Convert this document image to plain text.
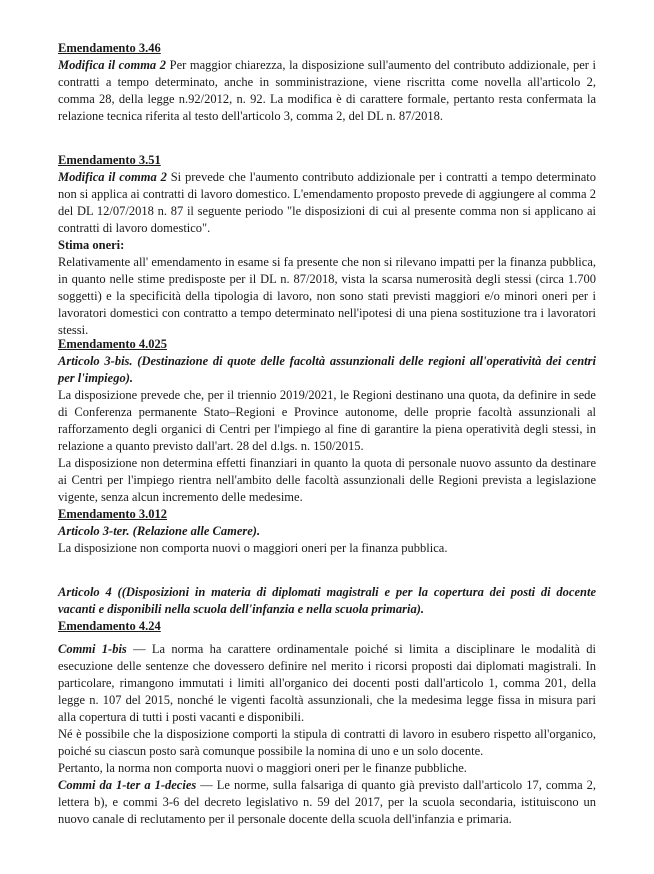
Emendamento 3.46

Modifica il comma 2 Per maggior chiarezza, la disposizione sull'aumento del contributo addizionale, per i contratti a tempo determinato, anche in somministrazione, viene riscritta come novella all'articolo 2, comma 28, della legge n.92/2012, n. 92. La modifica è di carattere formale, pertanto resta confermata la relazione tecnica riferita al testo dell'articolo 3, comma 2, del DL n. 87/2018.

Emendamento 3.51

Modifica il comma 2 Si prevede che l'aumento contributo addizionale per i contratti a tempo determinato non si applica ai contratti di lavoro domestico. L'emendamento proposto prevede di aggiungere al comma 2 del DL 12/07/2018 n. 87 il seguente periodo "le disposizioni di cui al presente comma non si applicano ai contratti di lavoro domestico".

Stima oneri:

Relativamente all' emendamento in esame si fa presente che non si rilevano impatti per la finanza pubblica, in quanto nelle stime predisposte per il DL n. 87/2018, vista la scarsa numerosità degli stessi (circa 1.700 soggetti) e la specificità della tipologia di lavoro, non sono stati previsti maggiori e/o minori oneri per i lavoratori domestici con contratto a tempo determinato nell'ipotesi di una piena sostituzione tra i lavoratori stessi.

Emendamento 4.025

Articolo 3-bis. (Destinazione di quote delle facoltà assunzionali delle regioni all'operatività dei centri per l'impiego).

La disposizione prevede che, per il triennio 2019/2021, le Regioni destinano una quota, da definire in sede di Conferenza permanente Stato–Regioni e Province autonome, delle proprie facoltà assunzionali al rafforzamento degli organici di Centri per l'impiego al fine di garantire la piena operatività degli stessi, in relazione a quanto previsto dall'art. 28 del d.lgs. n. 150/2015.

La disposizione non determina effetti finanziari in quanto la quota di personale nuovo assunto da destinare ai Centri per l'impiego rientra nell'ambito delle facoltà assunzionali delle Regioni prevista a legislazione vigente, senza alcun incremento delle medesime.

Emendamento 3.012

Articolo 3-ter. (Relazione alle Camere).

La disposizione non comporta nuovi o maggiori oneri per la finanza pubblica.

Articolo 4 ((Disposizioni in materia di diplomati magistrali e per la copertura dei posti di docente vacanti e disponibili nella scuola dell'infanzia e nella scuola primaria).

Emendamento 4.24

Commi 1-bis — La norma ha carattere ordinamentale poiché si limita a disciplinare le modalità di esecuzione delle sentenze che dovessero definire nel merito i ricorsi proposti dai diplomati magistrali. In particolare, rimangono immutati i limiti all'organico dei docenti posti dall'articolo 1, comma 201, della legge n. 107 del 2015, nonché le vigenti facoltà assunzionali, che la medesima legge fissa in misura pari alla copertura di tutti i posti vacanti e disponibili.

Né è possibile che la disposizione comporti la stipula di contratti di lavoro in esubero rispetto all'organico, poiché su ciascun posto sarà comunque possibile la nomina di uno e un solo docente.

Pertanto, la norma non comporta nuovi o maggiori oneri per le finanze pubbliche.

Commi da 1-ter a 1-decies — Le norme, sulla falsariga di quanto già previsto dall'articolo 17, comma 2, lettera b), e commi 3-6 del decreto legislativo n. 59 del 2017, per la scuola secondaria, istituiscono un nuovo canale di reclutamento per il personale docente della scuola dell'infanzia e primaria.
